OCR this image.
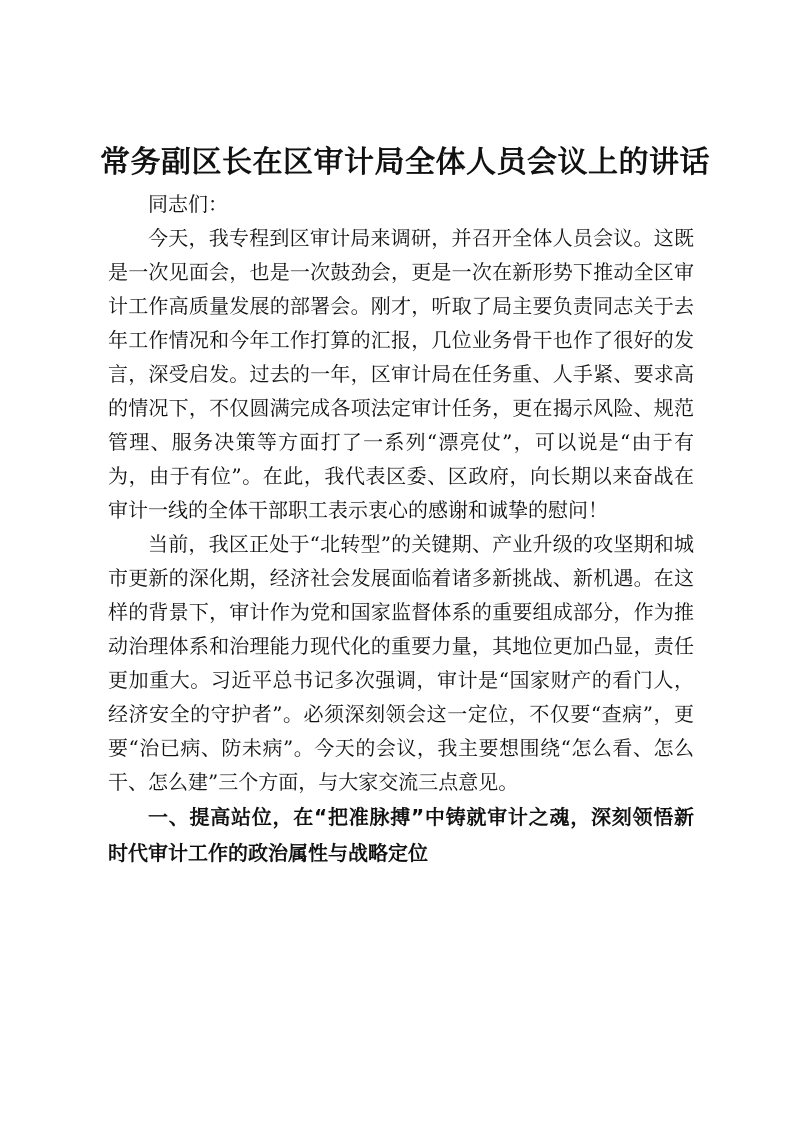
常务副区长在区审计局全体人员会议上的讲话

同志们：

今天，我专程到区审计局来调研，并召开全体人员会议。这既是一次见面会，也是一次鼓劲会，更是一次在新形势下推动全区审计工作高质量发展的部署会。刚才，听取了局主要负责同志关于去年工作情况和今年工作打算的汇报，几位业务骨干也作了很好的发言，深受启发。过去的一年，区审计局在任务重、人手紧、要求高的情况下，不仅圆满完成各项法定审计任务，更在揭示风险、规范管理、服务决策等方面打了一系列“漂亮仗”，可以说是“由于有为，由于有位”。在此，我代表区委、区政府，向长期以来奋战在审计一线的全体干部职工表示衷心的感谢和诚挚的慰问！

当前，我区正处于“北转型”的关键期、产业升级的攻坚期和城市更新的深化期，经济社会发展面临着诸多新挑战、新机遇。在这样的背景下，审计作为党和国家监督体系的重要组成部分，作为推动治理体系和治理能力现代化的重要力量，其地位更加凸显，责任更加重大。习近平总书记多次强调，审计是“国家财产的看门人，经济安全的守护者”。必须深刻领会这一定位，不仅要“查病”，更要“治已病、防未病”。今天的会议，我主要想围绕“怎么看、怎么干、怎么建”三个方面，与大家交流三点意见。

一、提高站位，在“把准脉搏”中铸就审计之魂，深刻领悟新时代审计工作的政治属性与战略定位
